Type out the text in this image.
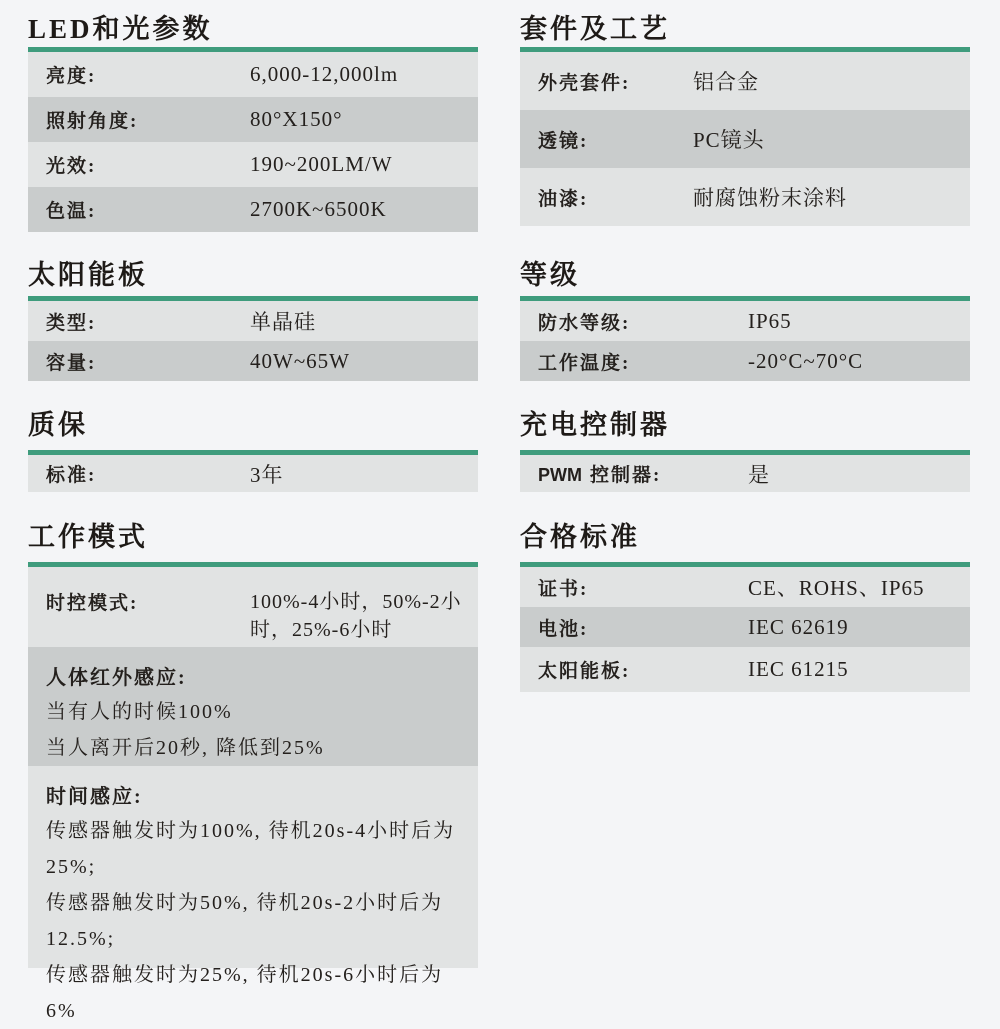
LED和光参数
亮度:	6,000-12,000lm
照射角度:	80°X150°
光效:	190~200LM/W
色温:	2700K~6500K
太阳能板
类型:	单晶硅
容量:	40W~65W
质保
标准:	3年
工作模式
时控模式:	100%-4小时，50%-2小时，25%-6小时
人体红外感应:
当有人的时候100%
当人离开后20秒, 降低到25%
时间感应:
传感器触发时为100%, 待机20s-4小时后为25%;
传感器触发时为50%, 待机20s-2小时后为12.5%;
传感器触发时为25%, 待机20s-6小时后为6%
套件及工艺
外壳套件:	铝合金
透镜:	PC镜头
油漆:	耐腐蚀粉末涂料
等级
防水等级:	IP65
工作温度:	-20°C~70°C
充电控制器
PWM 控制器:	是
合格标准
证书:	CE、ROHS、IP65
电池:	IEC 62619
太阳能板:	IEC 61215
